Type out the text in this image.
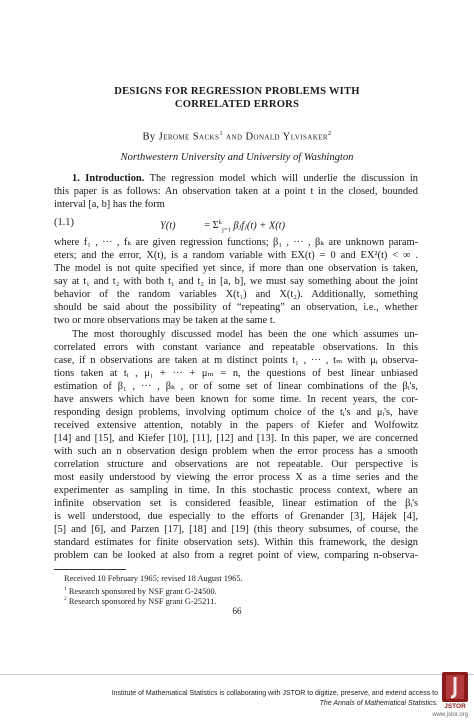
DESIGNS FOR REGRESSION PROBLEMS WITH
CORRELATED ERRORS
By Jerome Sacks$^1$ and Donald Ylvisaker$^2$
Northwestern University and University of Washington
1. Introduction. The regression model which will underlie the discussion in
this paper is as follows: An observation taken at a point t in the closed, bounded
interval [a, b] has the form
(1.1)	Y(t)	= $\Sigma^k_{j=1}$ βⱼfⱼ(t) + X(t)
where f₁ , ··· , fₖ are given regression functions; β₁ , ··· , βₖ are unknown param-
eters; and the error, X(t), is a random variable with EX(t) = 0 and EX²(t) < ∞ .
The model is not quite specified yet since, if more than one observation is taken,
say at t₁ and t₂ with both t₁ and t₂ in [a, b], we must say something about the joint
behavior of the random variables X(t₁) and X(t₂). Additionally, something
should be said about the possibility of “repeating” an observation, i.e., whether
two or more observations may be taken at the same t.
The most thoroughly discussed model has been the one which assumes un-
correlated errors with constant variance and repeatable observations. In this
case, if n observations are taken at m distinct points t₁ , ··· , tₘ with μᵢ observa-
tions taken at tᵢ , μ₁ + ··· + μₘ = n, the questions of best linear unbiased
estimation of β₁ , ··· , βₖ , or of some set of linear combinations of the βᵢ's,
have answers which have been known for some time. In recent years, the cor-
responding design problems, involving optimum choice of the tᵢ's and μᵢ's, have
received extensive attention, notably in the papers of Kiefer and Wolfowitz
[14] and [15], and Kiefer [10], [11], [12] and [13]. In this paper, we are concerned
with such an n observation design problem when the error process has a smooth
correlation structure and observations are not repeatable. Our perspective is
most easily understood by viewing the error process X as a time series and the
experimenter as sampling in time. In this stochastic process context, where an
infinite observation set is considered feasible, linear estimation of the βᵢ's
is well understood, due especially to the efforts of Grenander [3], Hájek [4],
[5] and [6], and Parzen [17], [18] and [19] (this theory subsumes, of course, the
standard estimates for finite observation sets). Within this framework, the design
problem can be looked at also from a regret point of view, comparing n-observa-
Received 10 February 1965; revised 18 August 1965.
$^1$ Research sponsored by NSF grant G-24500.
$^2$ Research sponsored by NSF grant G-25211.
66
Institute of Mathematical Statistics is collaborating with JSTOR to digitize, preserve, and extend access to
The Annals of Mathematical Statistics.
www.jstor.org
JSTOR
